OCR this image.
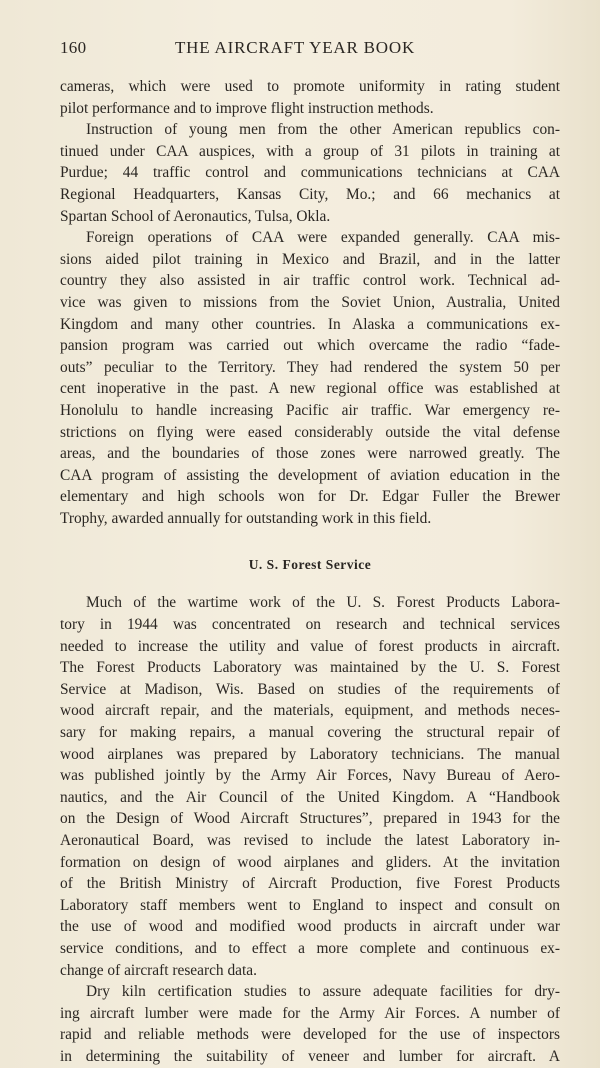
160	THE AIRCRAFT YEAR BOOK
cameras, which were used to promote uniformity in rating student
pilot performance and to improve flight instruction methods.
Instruction of young men from the other American republics con-
tinued under CAA auspices, with a group of 31 pilots in training at
Purdue; 44 traffic control and communications technicians at CAA
Regional Headquarters, Kansas City, Mo.; and 66 mechanics at
Spartan School of Aeronautics, Tulsa, Okla.
Foreign operations of CAA were expanded generally. CAA mis-
sions aided pilot training in Mexico and Brazil, and in the latter
country they also assisted in air traffic control work. Technical ad-
vice was given to missions from the Soviet Union, Australia, United
Kingdom and many other countries. In Alaska a communications ex-
pansion program was carried out which overcame the radio “fade-
outs” peculiar to the Territory. They had rendered the system 50 per
cent inoperative in the past. A new regional office was established at
Honolulu to handle increasing Pacific air traffic. War emergency re-
strictions on flying were eased considerably outside the vital defense
areas, and the boundaries of those zones were narrowed greatly. The
CAA program of assisting the development of aviation education in the
elementary and high schools won for Dr. Edgar Fuller the Brewer
Trophy, awarded annually for outstanding work in this field.
U. S. Forest Service
Much of the wartime work of the U. S. Forest Products Labora-
tory in 1944 was concentrated on research and technical services
needed to increase the utility and value of forest products in aircraft.
The Forest Products Laboratory was maintained by the U. S. Forest
Service at Madison, Wis. Based on studies of the requirements of
wood aircraft repair, and the materials, equipment, and methods neces-
sary for making repairs, a manual covering the structural repair of
wood airplanes was prepared by Laboratory technicians. The manual
was published jointly by the Army Air Forces, Navy Bureau of Aero-
nautics, and the Air Council of the United Kingdom. A “Handbook
on the Design of Wood Aircraft Structures”, prepared in 1943 for the
Aeronautical Board, was revised to include the latest Laboratory in-
formation on design of wood airplanes and gliders. At the invitation
of the British Ministry of Aircraft Production, five Forest Products
Laboratory staff members went to England to inspect and consult on
the use of wood and modified wood products in aircraft under war
service conditions, and to effect a more complete and continuous ex-
change of aircraft research data.
Dry kiln certification studies to assure adequate facilities for dry-
ing aircraft lumber were made for the Army Air Forces. A number of
rapid and reliable methods were developed for the use of inspectors
in determining the suitability of veneer and lumber for aircraft. A
